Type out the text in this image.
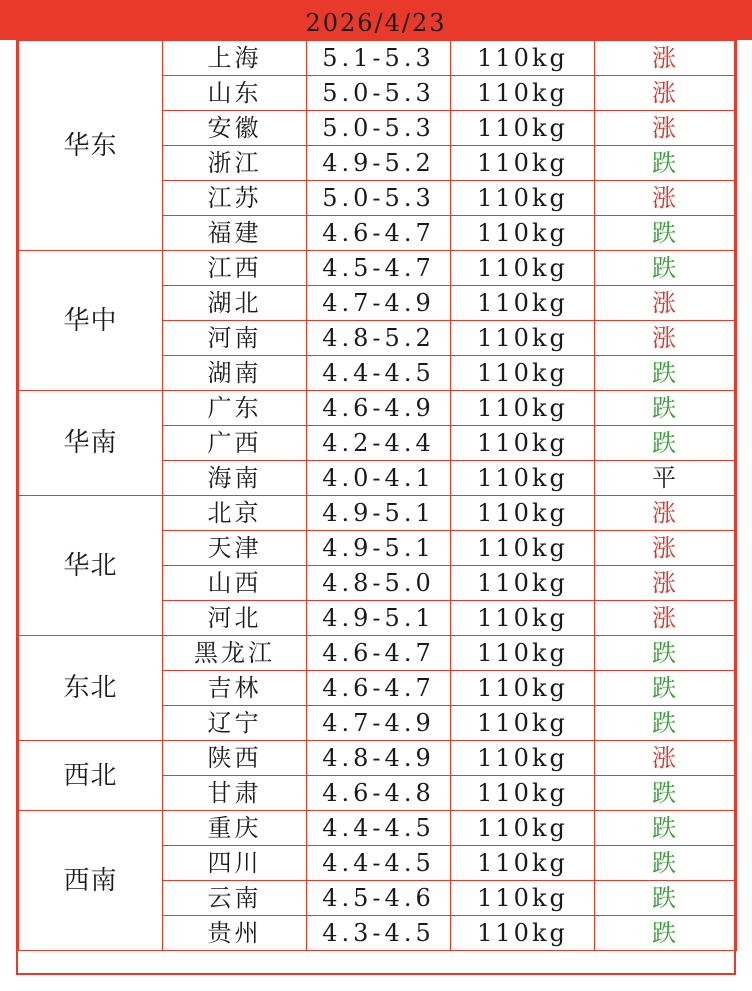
2026/4/23
华东	上海	5.1-5.3	110kg	涨
	山东	5.0-5.3	110kg	涨
	安徽	5.0-5.3	110kg	涨
	浙江	4.9-5.2	110kg	跌
	江苏	5.0-5.3	110kg	涨
	福建	4.6-4.7	110kg	跌
华中	江西	4.5-4.7	110kg	跌
	湖北	4.7-4.9	110kg	涨
	河南	4.8-5.2	110kg	涨
	湖南	4.4-4.5	110kg	跌
华南	广东	4.6-4.9	110kg	跌
	广西	4.2-4.4	110kg	跌
	海南	4.0-4.1	110kg	平
华北	北京	4.9-5.1	110kg	涨
	天津	4.9-5.1	110kg	涨
	山西	4.8-5.0	110kg	涨
	河北	4.9-5.1	110kg	涨
东北	黑龙江	4.6-4.7	110kg	跌
	吉林	4.6-4.7	110kg	跌
	辽宁	4.7-4.9	110kg	跌
西北	陕西	4.8-4.9	110kg	涨
	甘肃	4.6-4.8	110kg	跌
西南	重庆	4.4-4.5	110kg	跌
	四川	4.4-4.5	110kg	跌
	云南	4.5-4.6	110kg	跌
	贵州	4.3-4.5	110kg	跌
